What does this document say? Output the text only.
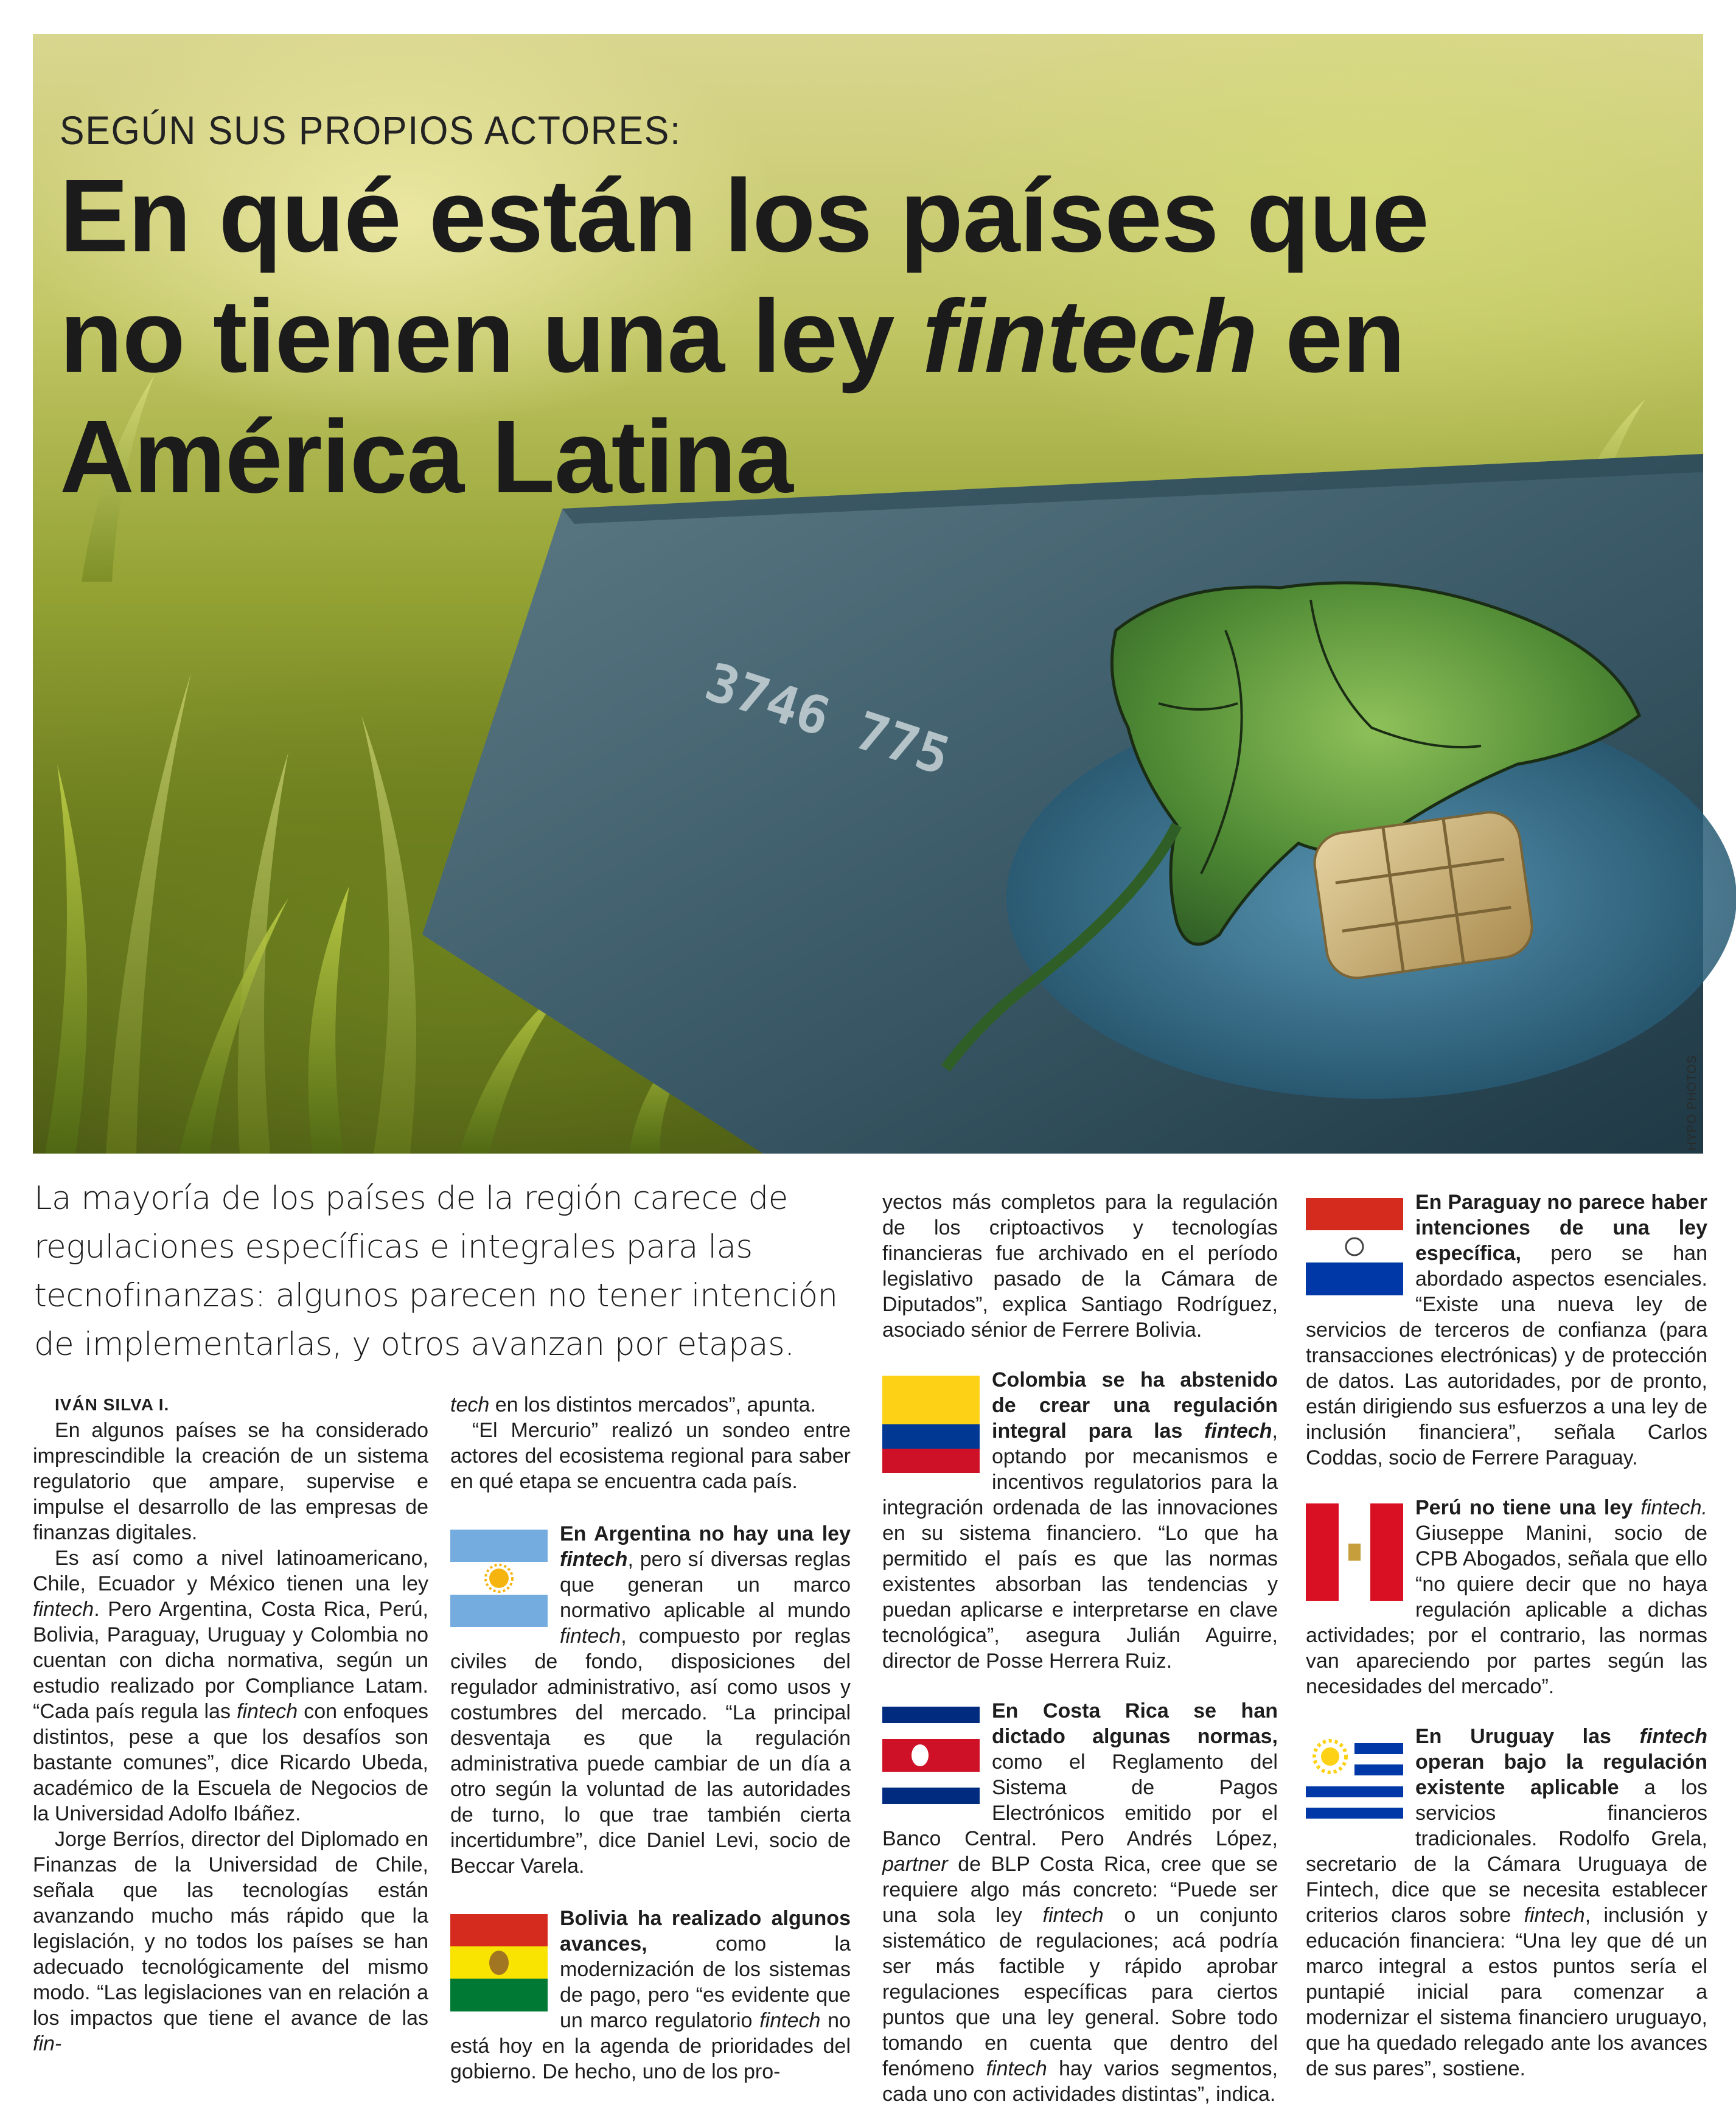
3746 775
SEGÚN SUS PROPIOS ACTORES:
En qué están los países que
no tienen una ley fintech en
América Latina
HYPO PHOTOS
La mayoría de los países de la región carece de regulaciones específicas e integrales para las tecnofinanzas: algunos parecen no tener intención de implementarlas, y otros avanzan por etapas.

IVÁN SILVA I.

En algunos países se ha considerado imprescindible la creación de un sistema regulatorio que ampare, supervise e impulse el desarrollo de las empresas de finanzas digitales.

Es así como a nivel latinoamericano, Chile, Ecuador y México tienen una ley fintech. Pero Argentina, Costa Rica, Perú, Bolivia, Paraguay, Uruguay y Colombia no cuentan con dicha normativa, según un estudio realizado por Compliance Latam. “Cada país regula las fintech con enfoques distintos, pese a que los desafíos son bastante comunes”, dice Ricardo Ubeda, académico de la Escuela de Negocios de la Universidad Adolfo Ibáñez.

Jorge Berríos, director del Diplomado en Finanzas de la Universidad de Chile, señala que las tecnologías están avanzando mucho más rápido que la legislación, y no todos los países se han adecuado tecnológicamente del mismo modo. “Las legislaciones van en relación a los impactos que tiene el avance de las fin-

tech en los distintos mercados”, apunta.

“El Mercurio” realizó un sondeo entre actores del ecosistema regional para saber en qué etapa se encuentra cada país.

En Argentina no hay una ley fintech, pero sí diversas reglas que generan un marco normativo aplicable al mundo fintech, compuesto por reglas civiles de fondo, disposiciones del regulador administrativo, así como usos y costumbres del mercado. “La principal desventaja es que la regulación administrativa puede cambiar de un día a otro según la voluntad de las autoridades de turno, lo que trae también cierta incertidumbre”, dice Daniel Levi, socio de Beccar Varela.

Bolivia ha realizado algunos avances, como la modernización de los sistemas de pago, pero “es evidente que un marco regulatorio fintech no está hoy en la agenda de prioridades del gobierno. De hecho, uno de los pro-

yectos más completos para la regulación de los criptoactivos y tecnologías financieras fue archivado en el período legislativo pasado de la Cámara de Diputados”, explica Santiago Rodríguez, asociado sénior de Ferrere Bolivia.

Colombia se ha abstenido de crear una regulación integral para las fintech, optando por mecanismos e incentivos regulatorios para la integración ordenada de las innovaciones en su sistema financiero. “Lo que ha permitido el país es que las normas existentes absorban las tendencias y puedan aplicarse e interpretarse en clave tecnológica”, asegura Julián Aguirre, director de Posse Herrera Ruiz.

En Costa Rica se han dictado algunas normas, como el Reglamento del Sistema de Pagos Electrónicos emitido por el Banco Central. Pero Andrés López, partner de BLP Costa Rica, cree que se requiere algo más concreto: “Puede ser una sola ley fintech o un conjunto sistemático de regulaciones; acá podría ser más factible y rápido aprobar regulaciones específicas para ciertos puntos que una ley general. Sobre todo tomando en cuenta que dentro del fenómeno fintech hay varios segmentos, cada uno con actividades distintas”, indica.

En Paraguay no parece haber intenciones de una ley específica, pero se han abordado aspectos esenciales. “Existe una nueva ley de servicios de terceros de confianza (para transacciones electrónicas) y de protección de datos. Las autoridades, por de pronto, están dirigiendo sus esfuerzos a una ley de inclusión financiera”, señala Carlos Coddas, socio de Ferrere Paraguay.

Perú no tiene una ley fintech. Giuseppe Manini, socio de CPB Abogados, señala que ello “no quiere decir que no haya regulación aplicable a dichas actividades; por el contrario, las normas van apareciendo por partes según las necesidades del mercado”.

En Uruguay las fintech operan bajo la regulación existente aplicable a los servicios financieros tradicionales. Rodolfo Grela, secretario de la Cámara Uruguaya de Fintech, dice que se necesita establecer criterios claros sobre fintech, inclusión y educación financiera: “Una ley que dé un marco integral a estos puntos sería el puntapié inicial para comenzar a modernizar el sistema financiero uruguayo, que ha quedado relegado ante los avances de sus pares”, sostiene.
